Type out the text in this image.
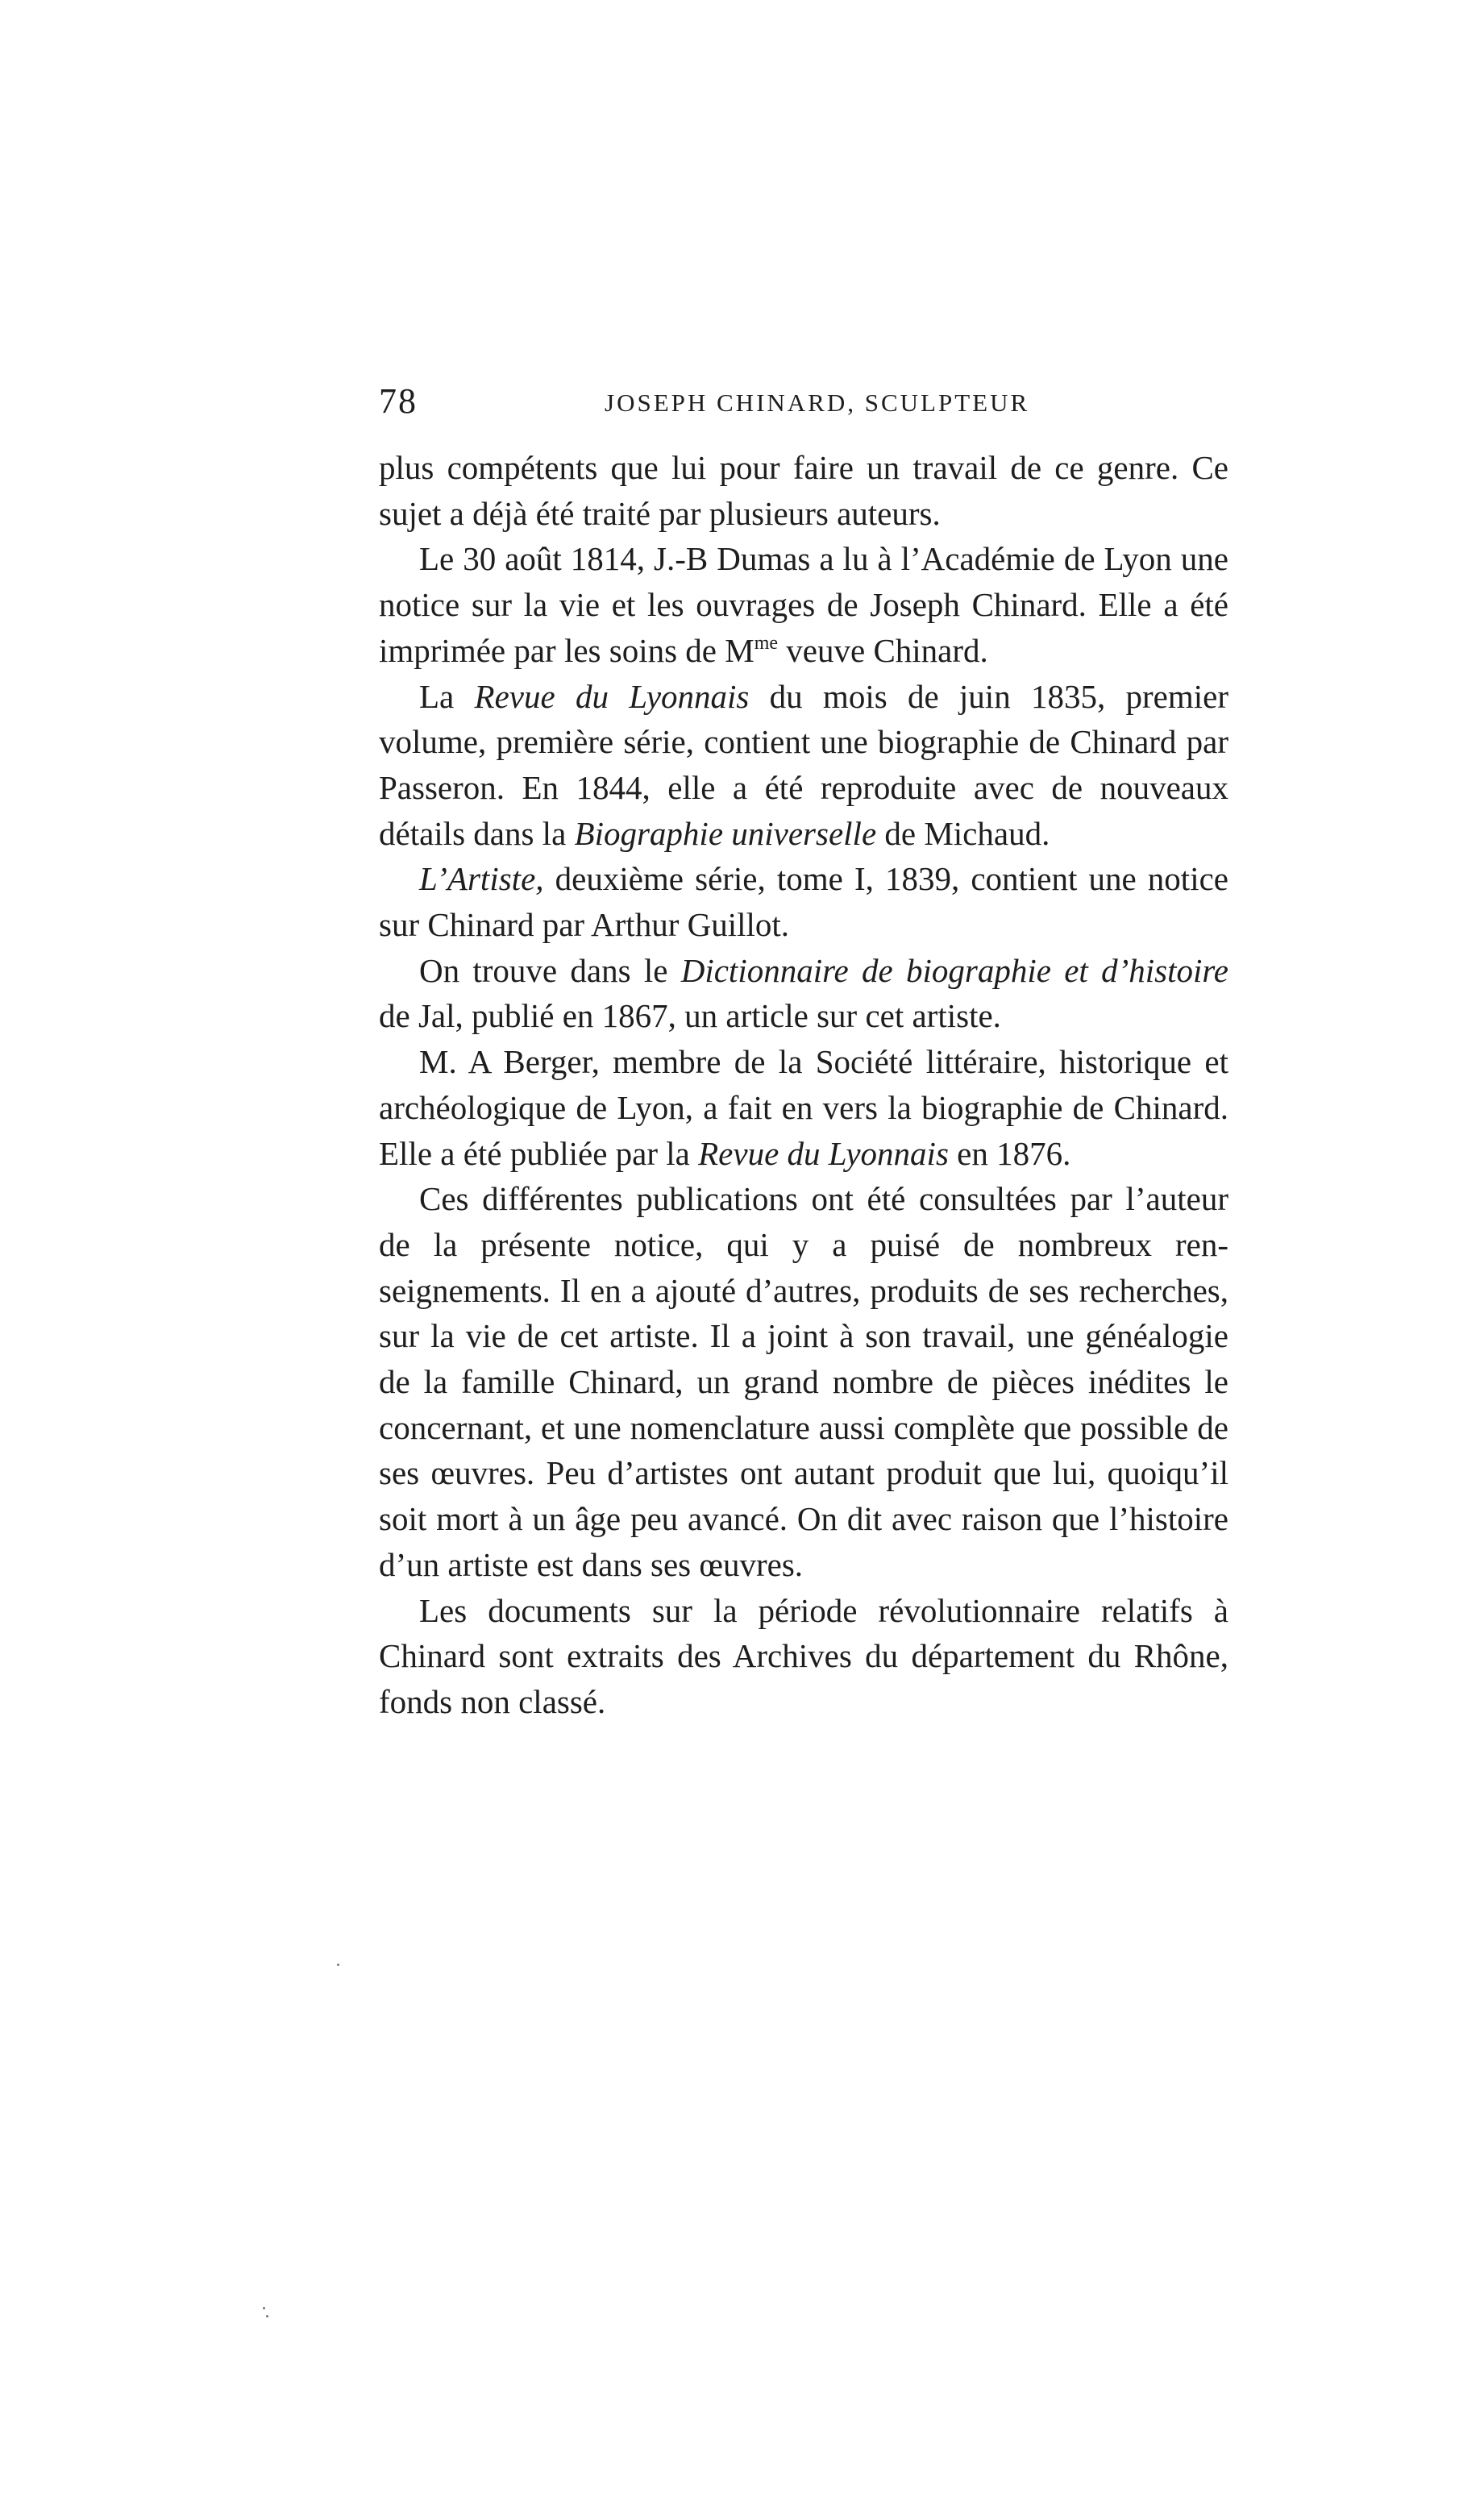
78	JOSEPH CHINARD, SCULPTEUR

plus compétents que lui pour faire un travail de ce genre. Ce sujet a déjà été traité par plusieurs auteurs.

Le 30 août 1814, J.-B Dumas a lu à l’Académie de Lyon une notice sur la vie et les ouvrages de Joseph Chinard. Elle a été imprimée par les soins de $M^{me}$ veuve Chinard.

La Revue du Lyonnais du mois de juin 1835, premier volume, première série, contient une biographie de Chinard par Passeron. En 1844, elle a été reproduite avec de nouveaux détails dans la Biographie universelle de Michaud.

L’Artiste, deuxième série, tome I, 1839, contient une notice sur Chinard par Arthur Guillot.

On trouve dans le Dictionnaire de biographie et d’histoire de Jal, publié en 1867, un article sur cet artiste.

M. A Berger, membre de la Société littéraire, historique et archéologique de Lyon, a fait en vers la biographie de Chinard. Elle a été publiée par la Revue du Lyonnais en 1876.

Ces différentes publications ont été consultées par l’auteur de la présente notice, qui y a puisé de nombreux renseignements. Il en a ajouté d’autres, produits de ses recherches, sur la vie de cet artiste. Il a joint à son travail, une généalogie de la famille Chinard, un grand nombre de pièces inédites le concernant, et une nomenclature aussi complète que possible de ses œuvres. Peu d’artistes ont autant produit que lui, quoiqu’il soit mort à un âge peu avancé. On dit avec raison que l’histoire d’un artiste est dans ses œuvres.

Les documents sur la période révolutionnaire relatifs à Chinard sont extraits des Archives du département du Rhône, fonds non classé.
